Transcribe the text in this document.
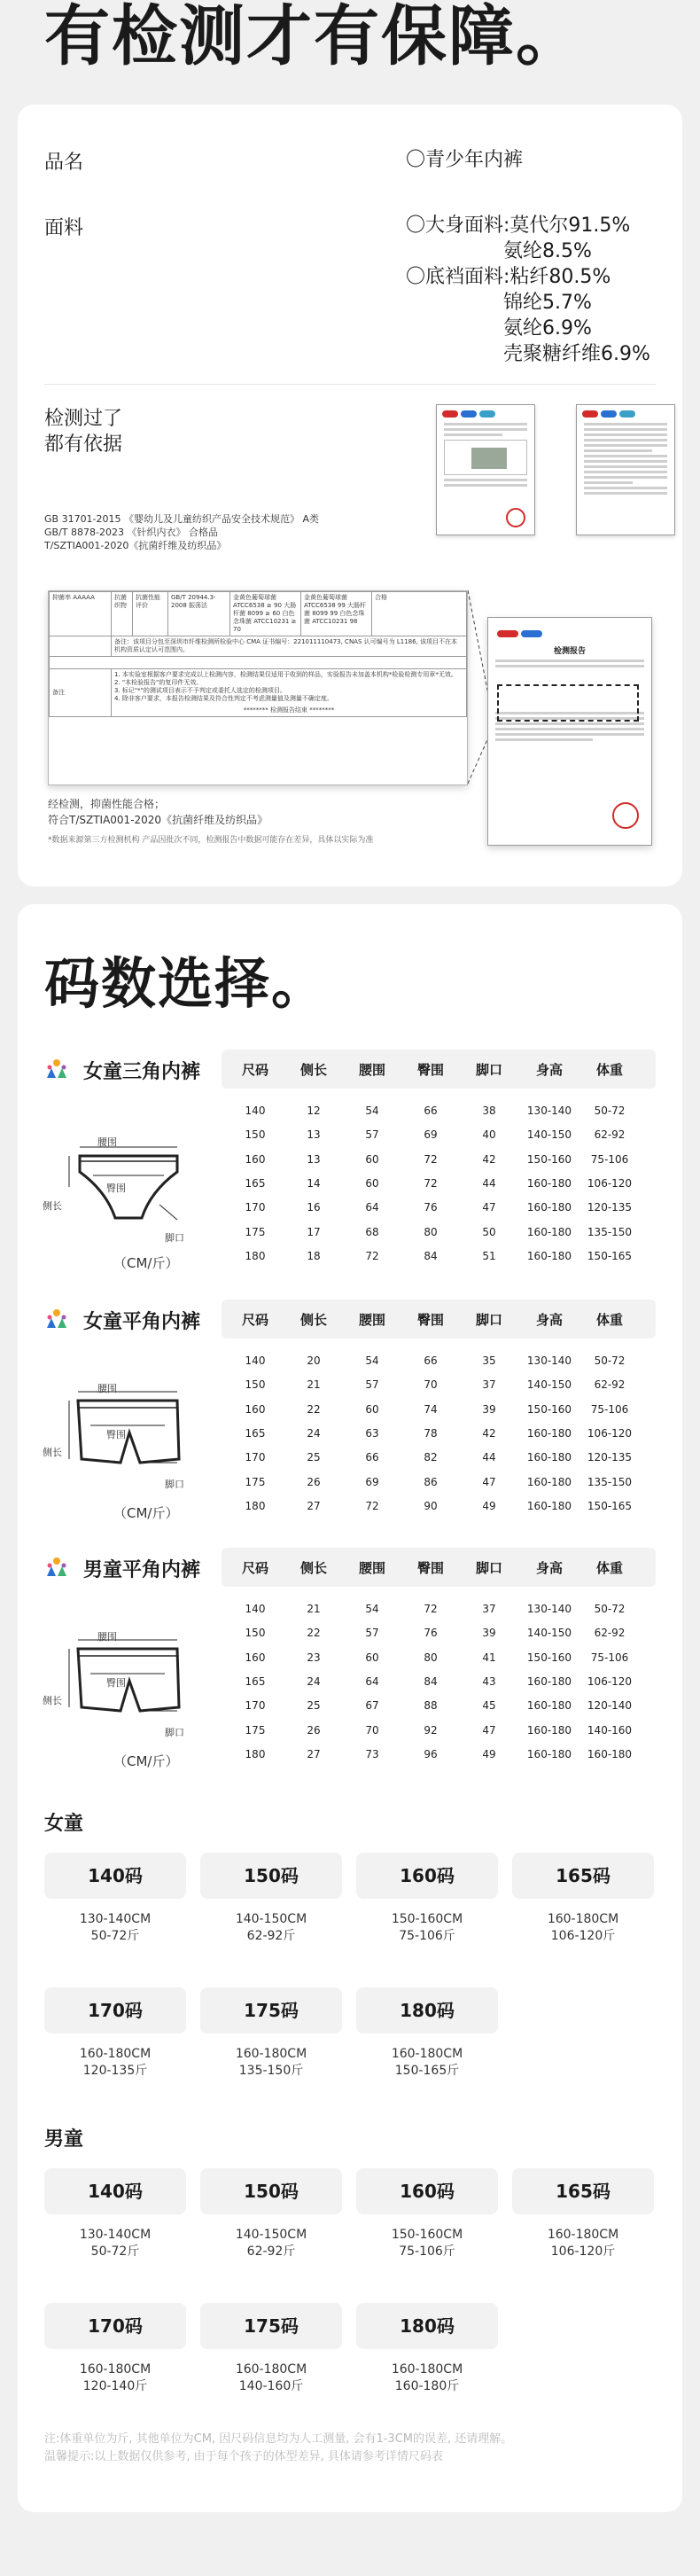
有检测才有保障。
品名	〇青少年内裤
面料	〇大身面料:莫代尔91.5%
氨纶8.5%
〇底裆面料:粘纤80.5%
锦纶5.7%
氨纶6.9%
壳聚糖纤维6.9%
检测过了
都有依据
GB 31701-2015 《婴幼儿及儿童纺织产品安全技术规范》 A类
GB/T 8878-2023 《针织内衣》 合格品
T/SZTIA001-2020《抗菌纤维及纺织品》
抑菌率 AAAAA	抗菌 织物	抗菌性能 评价	GB/T 20944.3-2008 振荡法	金黄色葡萄球菌 ATCC6538 ≥ 90 大肠杆菌 8099 ≥ 60 白色念珠菌 ATCC10231 ≥ 70	金黄色葡萄球菌 ATCC6538 99 大肠杆菌 8099 99 白色念珠菌 ATCC10231 98	合格
	备注：该项目分包至深圳市纤维检测所检验中心 CMA 证书编号：221011110473, CNAS 认可编号为 L1186, 该项目不在本机构资质认定认可范围内。					

备注	1. 本实验室根据客户要求完成以上检测内容，检测结果仅适用于收到的样品，实验报告未加盖本机构*检验检测专用章*无效。
2. "本检验报告"的复印件无效。
3. 标记"*"的测试项目表示不予判定或委托人选定的检测项目。
4. 除非客户要求，本报告检测结果及符合性判定不考虑测量值及测量不确定度。
******** 检测报告结束 ********					
检测报告
经检测，抑菌性能合格；
符合T/SZTIA001-2020《抗菌纤维及纺织品》
*数据来源第三方检测机构 产品因批次不同，检测报告中数据可能存在差异，具体以实际为准
码数选择。
女童三角内裤	尺码	侧长	腰围	臀围	脚口	身高	体重
140	12	54	66	38	130-140	50-72
150	13	57	69	40	140-150	62-92
160	13	60	72	42	150-160	75-106
165	14	60	72	44	160-180	106-120
170	16	64	76	47	160-180	120-135
175	17	68	80	50	160-180	135-150
180	18	72	84	51	160-180	150-165
腰围
臀围
侧长
脚口
（CM/斤）
女童平角内裤	尺码	侧长	腰围	臀围	脚口	身高	体重
140	20	54	66	35	130-140	50-72
150	21	57	70	37	140-150	62-92
160	22	60	74	39	150-160	75-106
165	24	63	78	42	160-180	106-120
170	25	66	82	44	160-180	120-135
175	26	69	86	47	160-180	135-150
180	27	72	90	49	160-180	150-165
腰围
臀围
侧长
脚口
（CM/斤）
男童平角内裤	尺码	侧长	腰围	臀围	脚口	身高	体重
140	21	54	72	37	130-140	50-72
150	22	57	76	39	140-150	62-92
160	23	60	80	41	150-160	75-106
165	24	64	84	43	160-180	106-120
170	25	67	88	45	160-180	120-140
175	26	70	92	47	160-180	140-160
180	27	73	96	49	160-180	160-180
腰围
臀围
侧长
脚口
（CM/斤）
女童
140码
130-140CM
50-72斤
150码
140-150CM
62-92斤
160码
150-160CM
75-106斤
165码
160-180CM
106-120斤
170码
160-180CM
120-135斤
175码
160-180CM
135-150斤
180码
160-180CM
150-165斤
男童
140码
130-140CM
50-72斤
150码
140-150CM
62-92斤
160码
150-160CM
75-106斤
165码
160-180CM
106-120斤
170码
160-180CM
120-140斤
175码
160-180CM
140-160斤
180码
160-180CM
160-180斤
注:体重单位为斤, 其他单位为CM, 因尺码信息均为人工测量, 会有1-3CM的误差, 还请理解。
温馨提示:以上数据仅供参考, 由于每个孩子的体型差异, 具体请参考详情尺码表
